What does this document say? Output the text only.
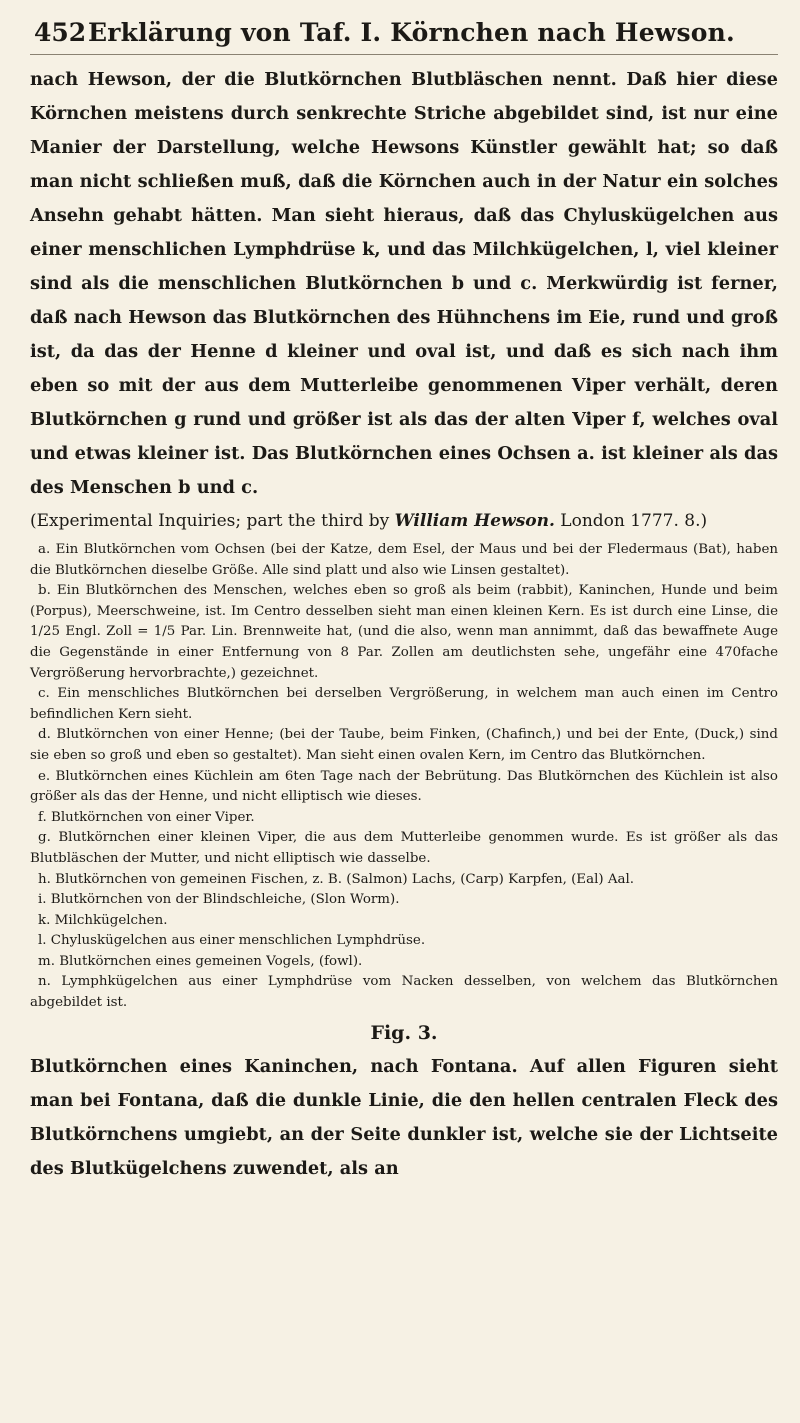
452 Erklärung von Taf. I. Körnchen nach Hewson.

nach Hewson, der die Blutkörnchen Blutbläschen nennt. Daß hier diese Körnchen meistens durch senkrechte Striche abgebildet sind, ist nur eine Manier der Darstellung, welche Hewsons Künstler gewählt hat; so daß man nicht schließen muß, daß die Körnchen auch in der Natur ein solches Ansehn gehabt hätten. Man sieht hieraus, daß das Chyluskügelchen aus einer menschlichen Lymphdrüse k, und das Milchkügelchen, l, viel kleiner sind als die menschlichen Blutkörnchen b und c. Merkwürdig ist ferner, daß nach Hewson das Blutkörnchen des Hühnchens im Eie, rund und groß ist, da das der Henne d kleiner und oval ist, und daß es sich nach ihm eben so mit der aus dem Mutterleibe genommenen Viper verhält, deren Blutkörnchen g rund und größer ist als das der alten Viper f, welches oval und etwas kleiner ist. Das Blutkörnchen eines Ochsen a. ist kleiner als das des Menschen b und c.

(Experimental Inquiries; part the third by William Hewson. London 1777. 8.)

a. Ein Blutkörnchen vom Ochsen (bei der Katze, dem Esel, der Maus und bei der Fledermaus (Bat), haben die Blutkörnchen dieselbe Größe. Alle sind platt und also wie Linsen gestaltet).

b. Ein Blutkörnchen des Menschen, welches eben so groß als beim (rabbit), Kaninchen, Hunde und beim (Porpus), Meerschweine, ist. Im Centro desselben sieht man einen kleinen Kern. Es ist durch eine Linse, die 1/25 Engl. Zoll = 1/5 Par. Lin. Brennweite hat, (und die also, wenn man annimmt, daß das bewaffnete Auge die Gegenstände in einer Entfernung von 8 Par. Zollen am deutlichsten sehe, ungefähr eine 470fache Vergrößerung hervorbrachte,) gezeichnet.

c. Ein menschliches Blutkörnchen bei derselben Vergrößerung, in welchem man auch einen im Centro befindlichen Kern sieht.

d. Blutkörnchen von einer Henne; (bei der Taube, beim Finken, (Chafinch,) und bei der Ente, (Duck,) sind sie eben so groß und eben so gestaltet). Man sieht einen ovalen Kern, im Centro das Blutkörnchen.

e. Blutkörnchen eines Küchlein am 6ten Tage nach der Bebrütung. Das Blutkörnchen des Küchlein ist also größer als das der Henne, und nicht elliptisch wie dieses.

f. Blutkörnchen von einer Viper.

g. Blutkörnchen einer kleinen Viper, die aus dem Mutterleibe genommen wurde. Es ist größer als das Blutbläschen der Mutter, und nicht elliptisch wie dasselbe.

h. Blutkörnchen von gemeinen Fischen, z. B. (Salmon) Lachs, (Carp) Karpfen, (Eal) Aal.

i. Blutkörnchen von der Blindschleiche, (Slon Worm).

k. Milchkügelchen.

l. Chyluskügelchen aus einer menschlichen Lymphdrüse.

m. Blutkörnchen eines gemeinen Vogels, (fowl).

n. Lymphkügelchen aus einer Lymphdrüse vom Nacken desselben, von welchem das Blutkörnchen abgebildet ist.

Fig. 3.

Blutkörnchen eines Kaninchen, nach Fontana. Auf allen Figuren sieht man bei Fontana, daß die dunkle Linie, die den hellen centralen Fleck des Blutkörnchens umgiebt, an der Seite dunkler ist, welche sie der Lichtseite des Blutkügelchens zuwendet, als an
